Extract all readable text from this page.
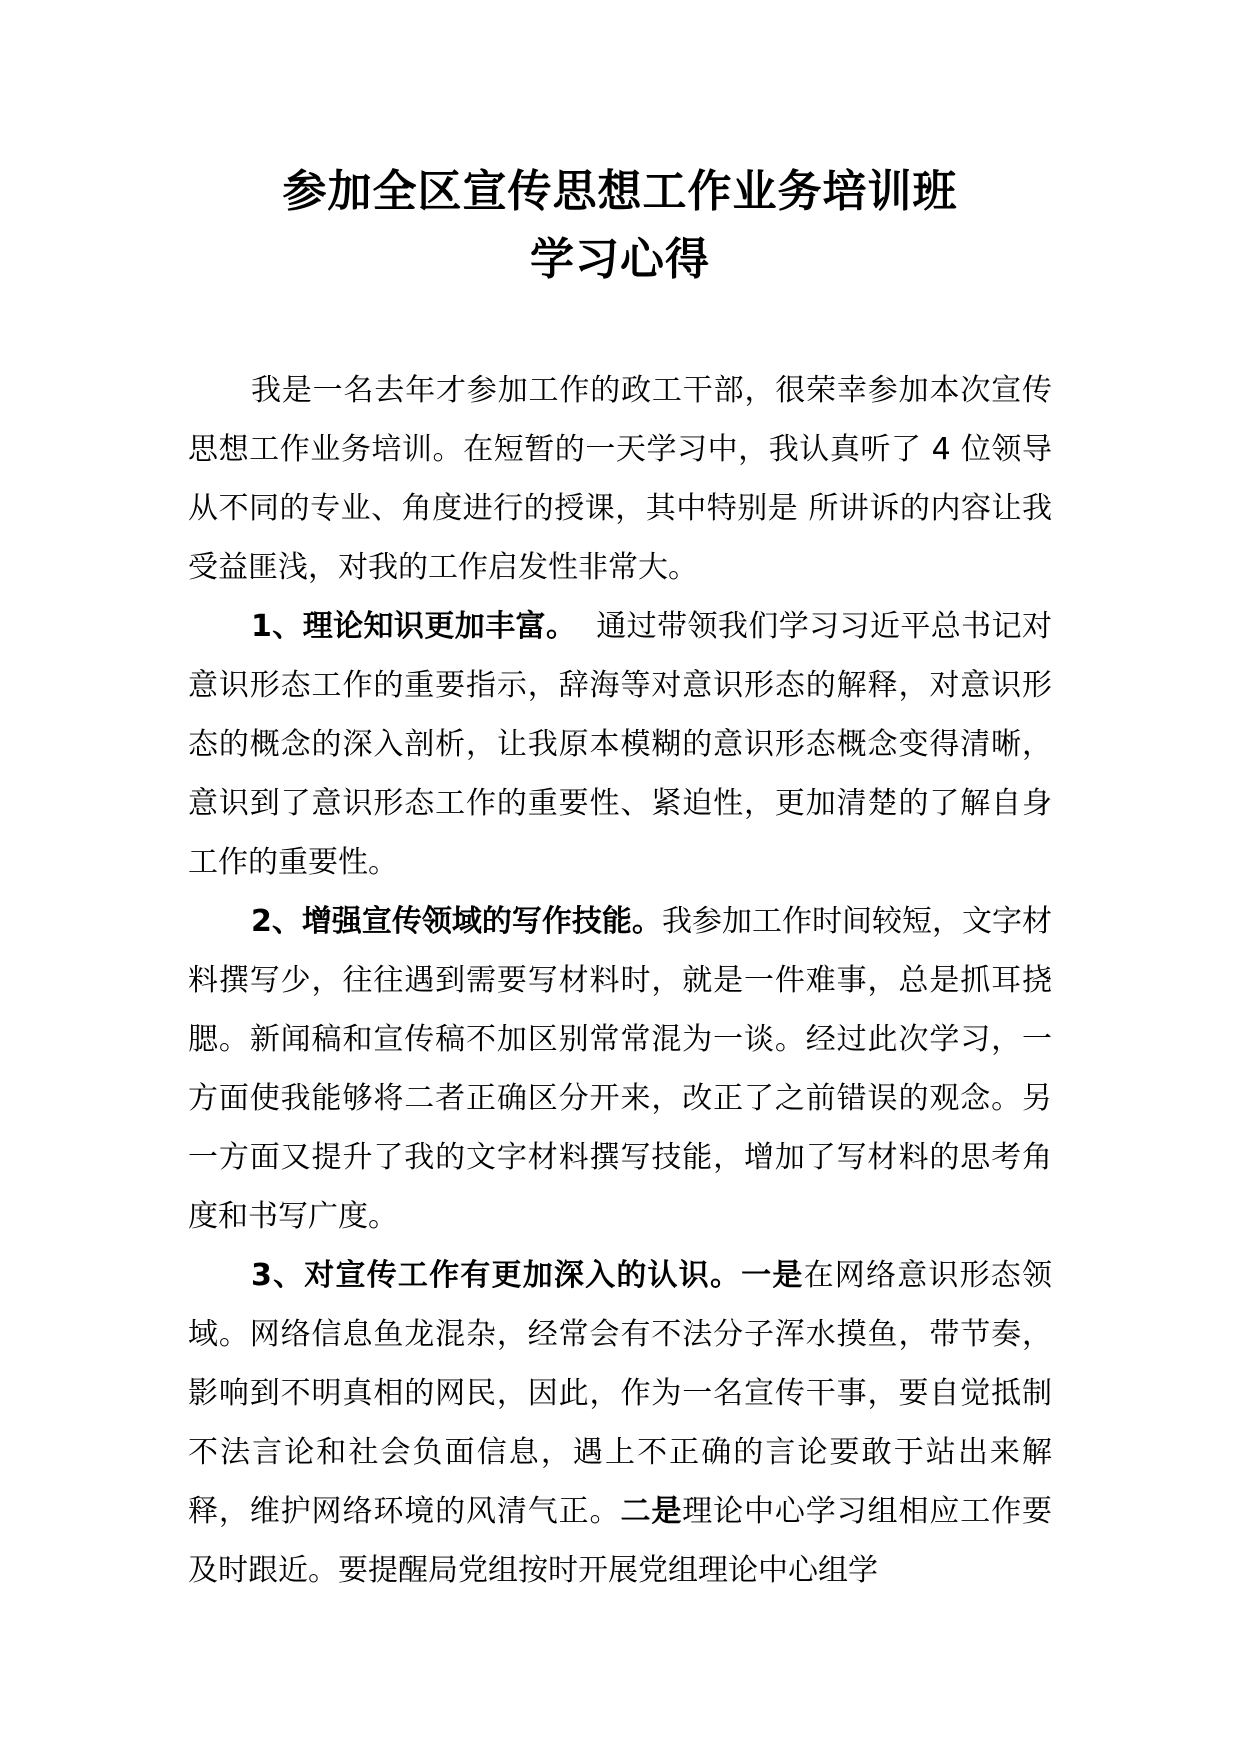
参加全区宣传思想工作业务培训班
学习心得

我是一名去年才参加工作的政工干部，很荣幸参加本次宣传思想工作业务培训。在短暂的一天学习中，我认真听了 4 位领导从不同的专业、角度进行的授课，其中特别是 所讲诉的内容让我受益匪浅，对我的工作启发性非常大。

1、理论知识更加丰富。  通过带领我们学习习近平总书记对意识形态工作的重要指示，辞海等对意识形态的解释，对意识形态的概念的深入剖析，让我原本模糊的意识形态概念变得清晰，意识到了意识形态工作的重要性、紧迫性，更加清楚的了解自身工作的重要性。

2、增强宣传领域的写作技能。我参加工作时间较短，文字材料撰写少，往往遇到需要写材料时，就是一件难事，总是抓耳挠腮。新闻稿和宣传稿不加区别常常混为一谈。经过此次学习，一方面使我能够将二者正确区分开来，改正了之前错误的观念。另一方面又提升了我的文字材料撰写技能，增加了写材料的思考角度和书写广度。

3、对宣传工作有更加深入的认识。一是在网络意识形态领域。网络信息鱼龙混杂，经常会有不法分子浑水摸鱼，带节奏，影响到不明真相的网民，因此，作为一名宣传干事，要自觉抵制不法言论和社会负面信息，遇上不正确的言论要敢于站出来解释，维护网络环境的风清气正。二是理论中心学习组相应工作要及时跟近。要提醒局党组按时开展党组理论中心组学
